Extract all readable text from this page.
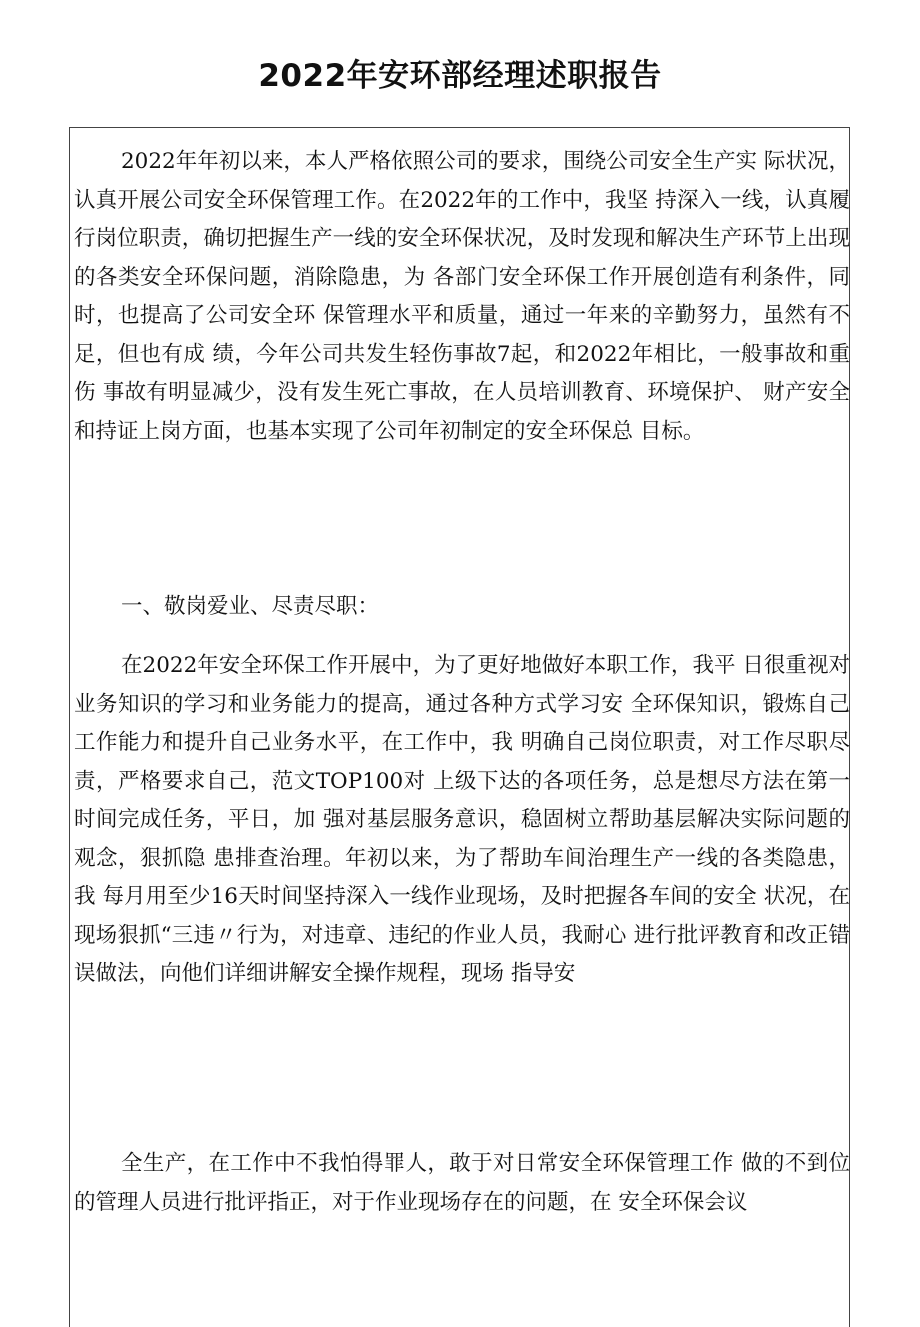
2022年安环部经理述职报告

2022年年初以来，本人严格依照公司的要求，围绕公司安全生产实 际状况，认真开展公司安全环保管理工作。在2022年的工作中，我坚 持深入一线，认真履行岗位职责，确切把握生产一线的安全环保状况，及时发现和解决生产环节上出现的各类安全环保问题，消除隐患，为 各部门安全环保工作开展创造有利条件，同时，也提高了公司安全环 保管理水平和质量，通过一年来的辛勤努力，虽然有不足，但也有成 绩，今年公司共发生轻伤事故7起，和2022年相比，一般事故和重伤 事故有明显减少，没有发生死亡事故，在人员培训教育、环境保护、 财产安全和持证上岗方面，也基本实现了公司年初制定的安全环保总 目标。

一、敬岗爱业、尽责尽职：

在2022年安全环保工作开展中，为了更好地做好本职工作，我平 日很重视对业务知识的学习和业务能力的提高，通过各种方式学习安 全环保知识，锻炼自己工作能力和提升自己业务水平，在工作中，我 明确自己岗位职责，对工作尽职尽责，严格要求自己，范文TOP100对 上级下达的各项任务，总是想尽方法在第一时间完成任务，平日，加 强对基层服务意识，稳固树立帮助基层解决实际问题的观念，狠抓隐 患排查治理。年初以来，为了帮助车间治理生产一线的各类隐患，我 每月用至少16天时间坚持深入一线作业现场，及时把握各车间的安全 状况，在现场狠抓“三违〃行为，对违章、违纪的作业人员，我耐心 进行批评教育和改正错误做法，向他们详细讲解安全操作规程，现场 指导安

全生产，在工作中不我怕得罪人，敢于对日常安全环保管理工作 做的不到位的管理人员进行批评指正，对于作业现场存在的问题，在 安全环保会议
